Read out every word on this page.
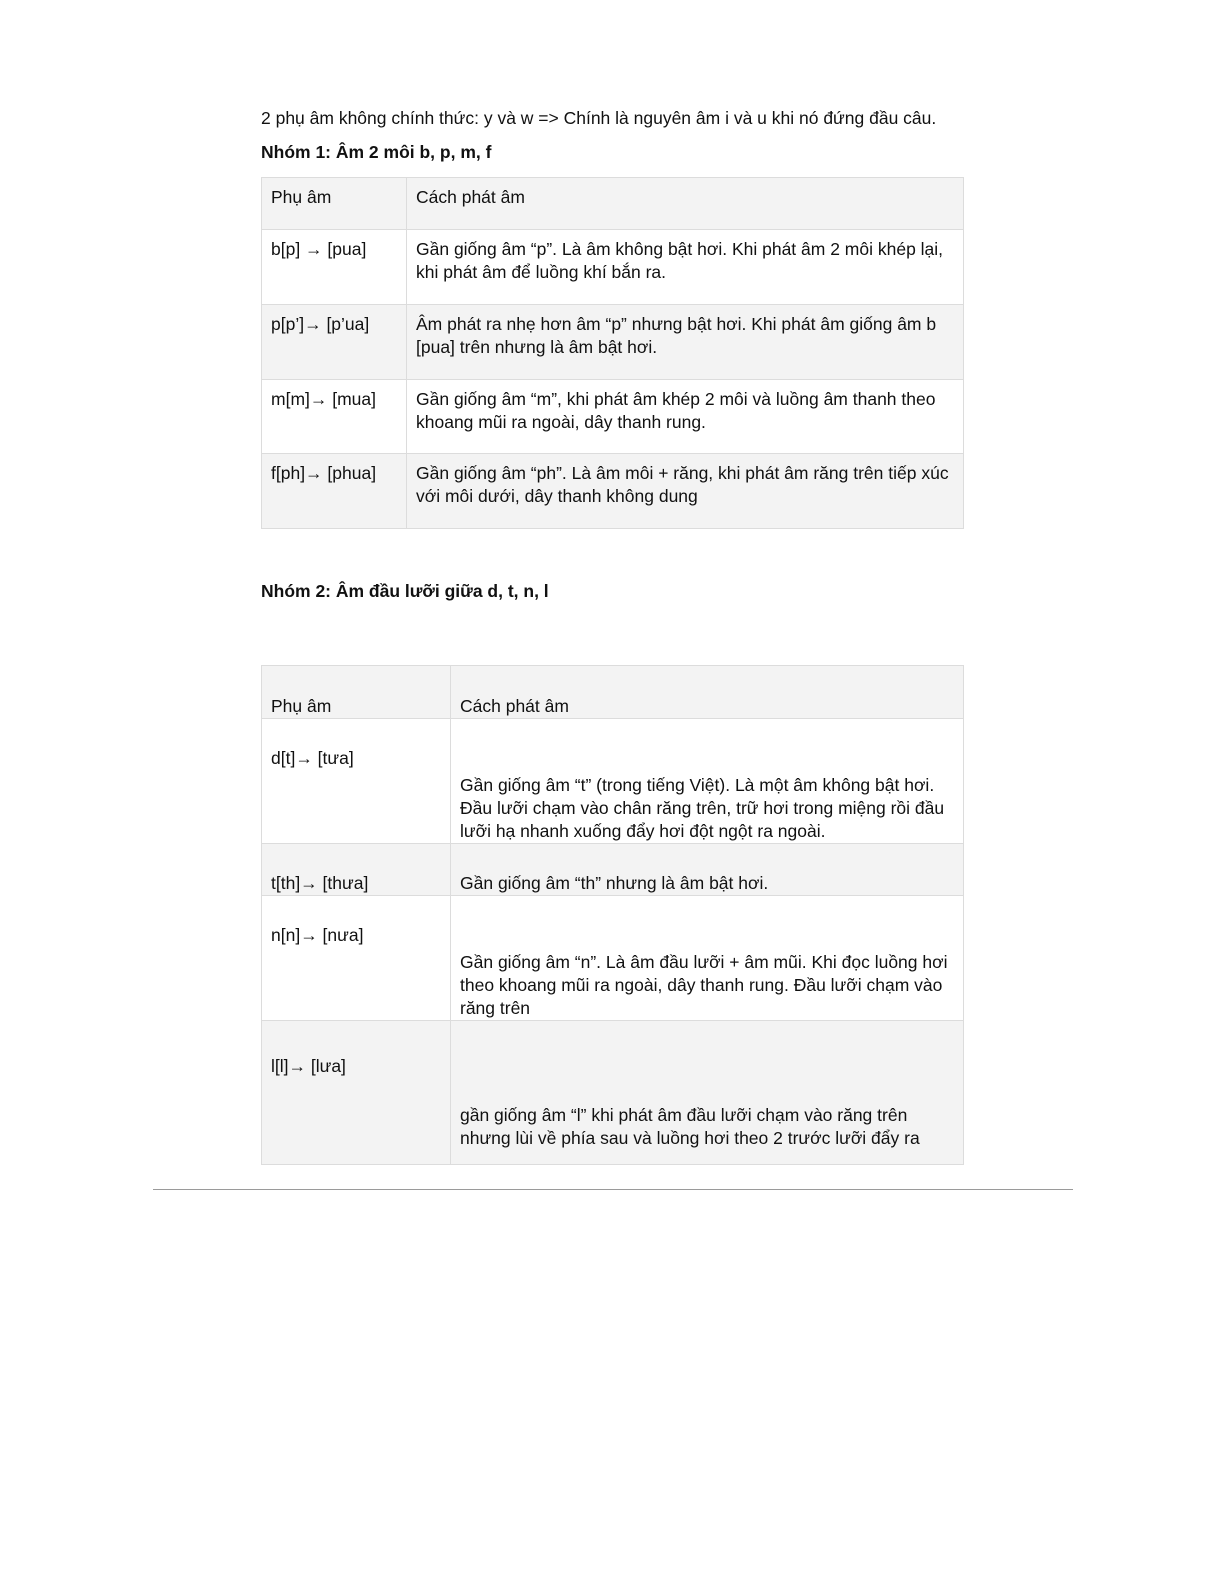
2 phụ âm không chính thức: y và w => Chính là nguyên âm i và u khi nó đứng đầu câu.

Nhóm 1: Âm 2 môi b, p, m, f

Phụ âm	Cách phát âm
b[p] → [pua]	Gần giống âm “p”. Là âm không bật hơi. Khi phát âm 2 môi khép lại, khi phát âm để luồng khí bắn ra.
p[p’]→ [p’ua]	Âm phát ra nhẹ hơn âm “p” nhưng bật hơi. Khi phát âm giống âm b [pua] trên nhưng là âm bật hơi.
m[m]→ [mua]	Gần giống âm “m”, khi phát âm khép 2 môi và luồng âm thanh theo khoang mũi ra ngoài, dây thanh rung.
f[ph]→ [phua]	Gần giống âm “ph”. Là âm môi + răng, khi phát âm răng trên tiếp xúc với môi dưới, dây thanh không dung

Nhóm 2: Âm đầu lưỡi giữa d, t, n, l

Phụ âm	Cách phát âm
d[t]→ [tưa]	Gần giống âm “t” (trong tiếng Việt). Là một âm không bật hơi. Đầu lưỡi chạm vào chân răng trên, trữ hơi trong miệng rồi đầu lưỡi hạ nhanh xuống đẩy hơi đột ngột ra ngoài.
t[th]→ [thưa]	Gần giống âm “th” nhưng là âm bật hơi.
n[n]→ [nưa]	Gần giống âm “n”. Là âm đầu lưỡi + âm mũi. Khi đọc luồng hơi theo khoang mũi ra ngoài, dây thanh rung. Đầu lưỡi chạm vào răng trên
l[l]→ [lưa]	gần giống âm “l” khi phát âm đầu lưỡi chạm vào răng trên nhưng lùi về phía sau và luồng hơi theo 2 trước lưỡi đẩy ra
